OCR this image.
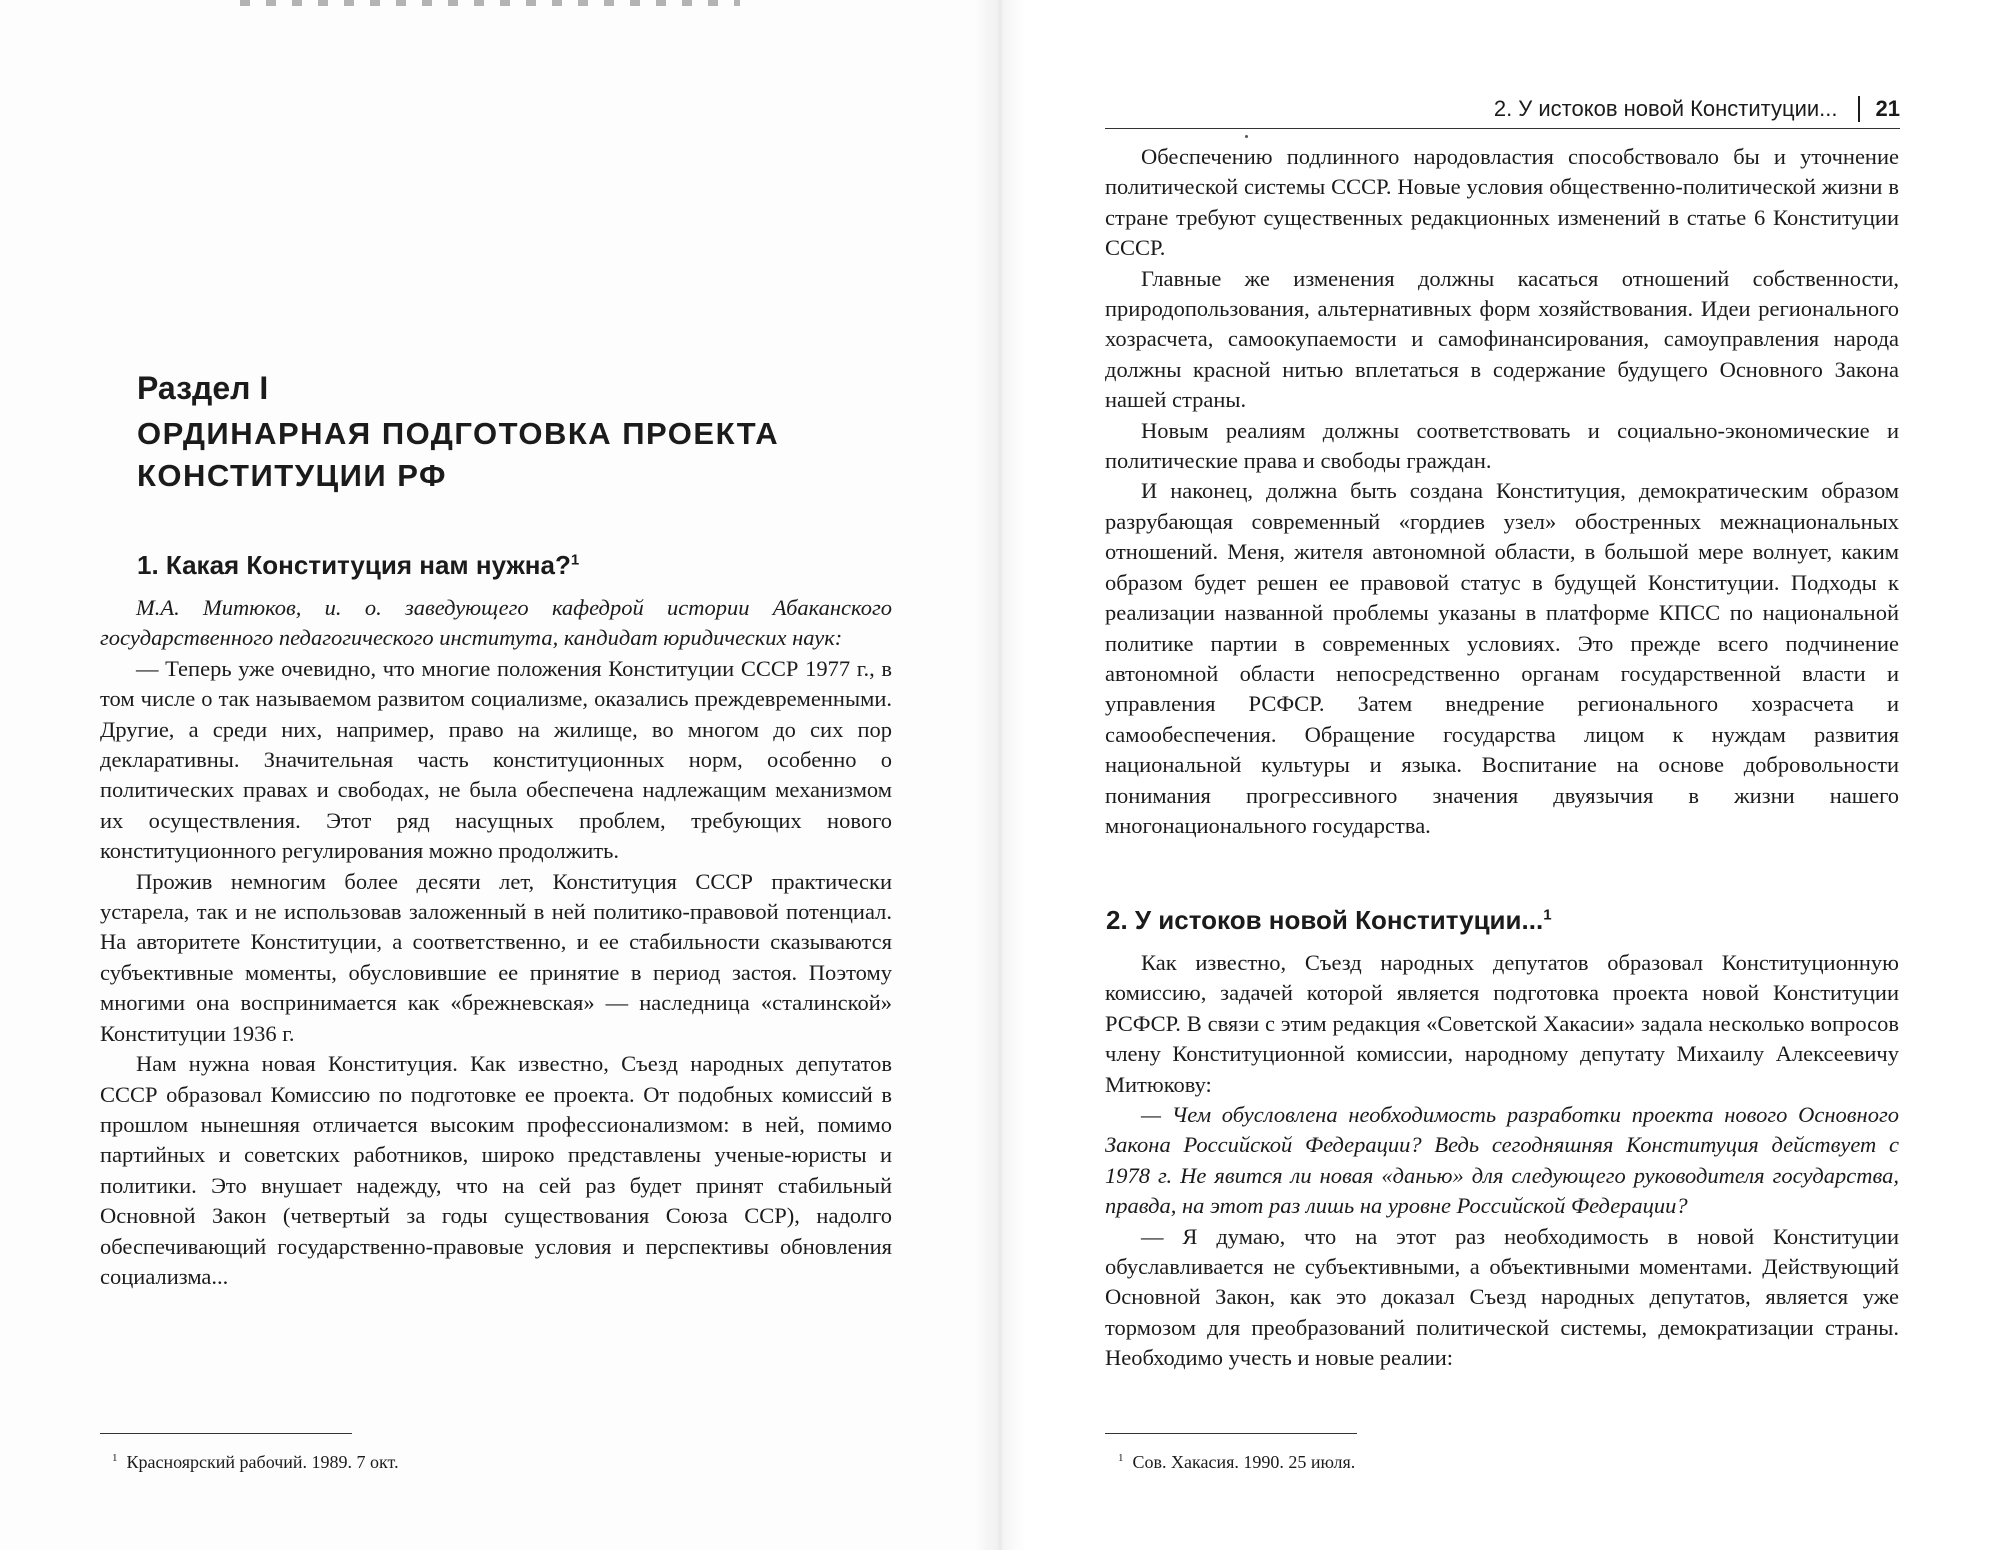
2. У истоков новой Конституции... 21
Раздел I
ОРДИНАРНАЯ ПОДГОТОВКА ПРОЕКТА КОНСТИТУЦИИ РФ
1. Какая Конституция нам нужна?$^1$

М.А. Митюков, и. о. заведующего кафедрой истории Абаканского государственного педагогического института, кандидат юридических наук:

— Теперь уже очевидно, что многие положения Конституции СССР 1977 г., в том числе о так называемом развитом социализме, оказались преждевременными. Другие, а среди них, например, право на жилище, во многом до сих пор декларативны. Значительная часть конституционных норм, особенно о политических правах и свободах, не была обеспечена надлежащим механизмом их осуществления. Этот ряд насущных проблем, требующих нового конституционного регулирования можно продолжить.

Прожив немногим более десяти лет, Конституция СССР практически устарела, так и не использовав заложенный в ней политико-правовой потенциал. На авторитете Конституции, а соответственно, и ее стабильности сказываются субъективные моменты, обусловившие ее принятие в период застоя. Поэтому многими она воспринимается как «брежневская» — наследница «сталинской» Конституции 1936 г.

Нам нужна новая Конституция. Как известно, Съезд народных депутатов СССР образовал Комиссию по подготовке ее проекта. От подобных комиссий в прошлом нынешняя отличается высоким профессионализмом: в ней, помимо партийных и советских работников, широко представлены ученые-юристы и политики. Это внушает надежду, что на сей раз будет принят стабильный Основной Закон (четвертый за годы существования Союза ССР), надолго обеспечивающий государственно-правовые условия и перспективы обновления социализма...

$^1$ Красноярский рабочий. 1989. 7 окт.

Обеспечению подлинного народовластия способствовало бы и уточнение политической системы СССР. Новые условия общественно-политической жизни в стране требуют существенных редакционных изменений в статье 6 Конституции СССР.

Главные же изменения должны касаться отношений собственности, природопользования, альтернативных форм хозяйствования. Идеи регионального хозрасчета, самоокупаемости и самофинансирования, самоуправления народа должны красной нитью вплетаться в содержание будущего Основного Закона нашей страны.

Новым реалиям должны соответствовать и социально-экономические и политические права и свободы граждан.

И наконец, должна быть создана Конституция, демократическим образом разрубающая современный «гордиев узел» обостренных межнациональных отношений. Меня, жителя автономной области, в большой мере волнует, каким образом будет решен ее правовой статус в будущей Конституции. Подходы к реализации названной проблемы указаны в платформе КПСС по национальной политике партии в современных условиях. Это прежде всего подчинение автономной области непосредственно органам государственной власти и управления РСФСР. Затем внедрение регионального хозрасчета и самообеспечения. Обращение государства лицом к нуждам развития национальной культуры и языка. Воспитание на основе добровольности понимания прогрессивного значения двуязычия в жизни нашего многонационального государства.

2. У истоков новой Конституции...$^1$

Как известно, Съезд народных депутатов образовал Конституционную комиссию, задачей которой является подготовка проекта новой Конституции РСФСР. В связи с этим редакция «Советской Хакасии» задала несколько вопросов члену Конституционной комиссии, народному депутату Михаилу Алексеевичу Митюкову:

— Чем обусловлена необходимость разработки проекта нового Основного Закона Российской Федерации? Ведь сегодняшняя Конституция действует с 1978 г. Не явится ли новая «данью» для следующего руководителя государства, правда, на этот раз лишь на уровне Российской Федерации?

— Я думаю, что на этот раз необходимость в новой Конституции обуславливается не субъективными, а объективными моментами. Действующий Основной Закон, как это доказал Съезд народных депутатов, является уже тормозом для преобразований политической системы, демократизации страны. Необходимо учесть и новые реалии:

$^1$ Сов. Хакасия. 1990. 25 июля.
